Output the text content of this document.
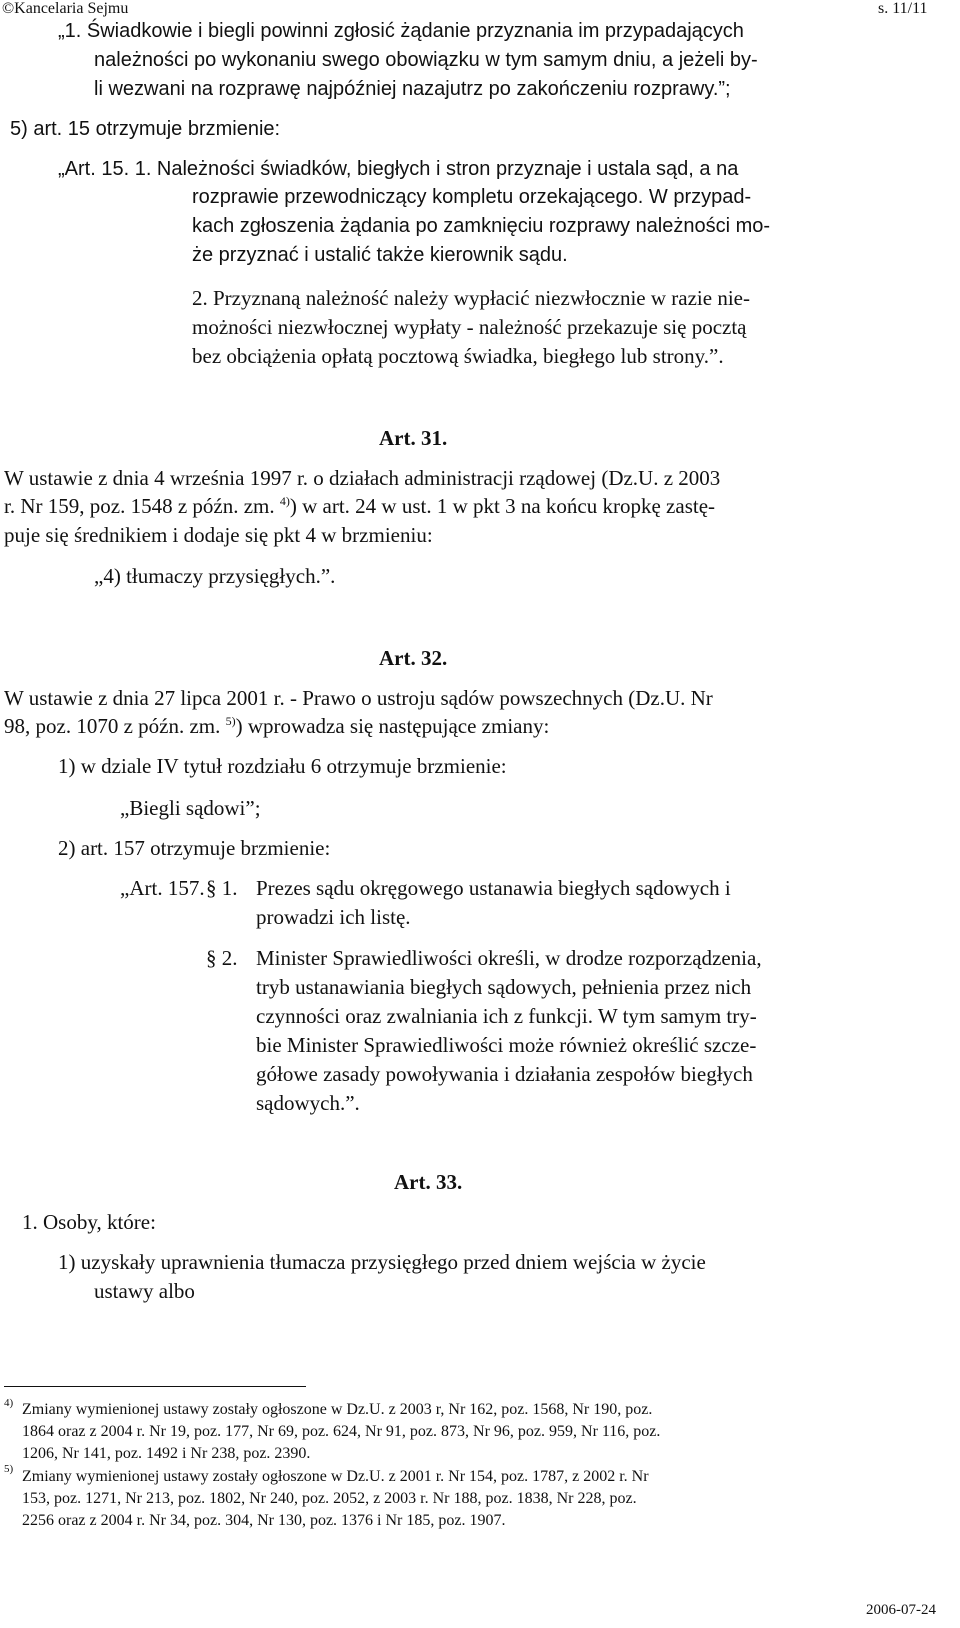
©Kancelaria Sejmu	s. 11/11
„1. Świadkowie i biegli powinni zgłosić żądanie przyznania im przypadających
należności po wykonaniu swego obowiązku w tym samym dniu, a jeżeli by-
li wezwani na rozprawę najpóźniej nazajutrz po zakończeniu rozprawy.”;
5) art. 15 otrzymuje brzmienie:
„Art. 15. 1. Należności świadków, biegłych i stron przyznaje i ustala sąd, a na
rozprawie przewodniczący kompletu orzekającego. W przypad-
kach zgłoszenia żądania po zamknięciu rozprawy należności mo-
że przyznać i ustalić także kierownik sądu.
2. Przyznaną należność należy wypłacić niezwłocznie w razie nie-
możności niezwłocznej wypłaty - należność przekazuje się pocztą
bez obciążenia opłatą pocztową świadka, biegłego lub strony.”.
Art. 31.
W ustawie z dnia 4 września 1997 r. o działach administracji rządowej (Dz.U. z 2003
r. Nr 159, poz. 1548 z późn. zm. $^{4)}$) w art. 24 w ust. 1 w pkt 3 na końcu kropkę zastę-
puje się średnikiem i dodaje się pkt 4 w brzmieniu:
„4) tłumaczy przysięgłych.”.
Art. 32.
W ustawie z dnia 27 lipca 2001 r. - Prawo o ustroju sądów powszechnych (Dz.U. Nr
98, poz. 1070 z późn. zm. $^{5)}$) wprowadza się następujące zmiany:
1) w dziale IV tytuł rozdziału 6 otrzymuje brzmienie:
„Biegli sądowi”;
2) art. 157 otrzymuje brzmienie:
„Art. 157. § 1. Prezes sądu okręgowego ustanawia biegłych sądowych i
prowadzi ich listę.
§ 2. Minister Sprawiedliwości określi, w drodze rozporządzenia,
tryb ustanawiania biegłych sądowych, pełnienia przez nich
czynności oraz zwalniania ich z funkcji. W tym samym try-
bie Minister Sprawiedliwości może również określić szcze-
gółowe zasady powoływania i działania zespołów biegłych
sądowych.”.
Art. 33.
1. Osoby, które:
1) uzyskały uprawnienia tłumacza przysięgłego przed dniem wejścia w życie
ustawy albo
4) Zmiany wymienionej ustawy zostały ogłoszone w Dz.U. z 2003 r, Nr 162, poz. 1568, Nr 190, poz.
1864 oraz z 2004 r. Nr 19, poz. 177, Nr 69, poz. 624, Nr 91, poz. 873, Nr 96, poz. 959, Nr 116, poz.
1206, Nr 141, poz. 1492 i Nr 238, poz. 2390.
5) Zmiany wymienionej ustawy zostały ogłoszone w Dz.U. z 2001 r. Nr 154, poz. 1787, z 2002 r. Nr
153, poz. 1271, Nr 213, poz. 1802, Nr 240, poz. 2052, z 2003 r. Nr 188, poz. 1838, Nr 228, poz.
2256 oraz z 2004 r. Nr 34, poz. 304, Nr 130, poz. 1376 i Nr 185, poz. 1907.
2006-07-24
